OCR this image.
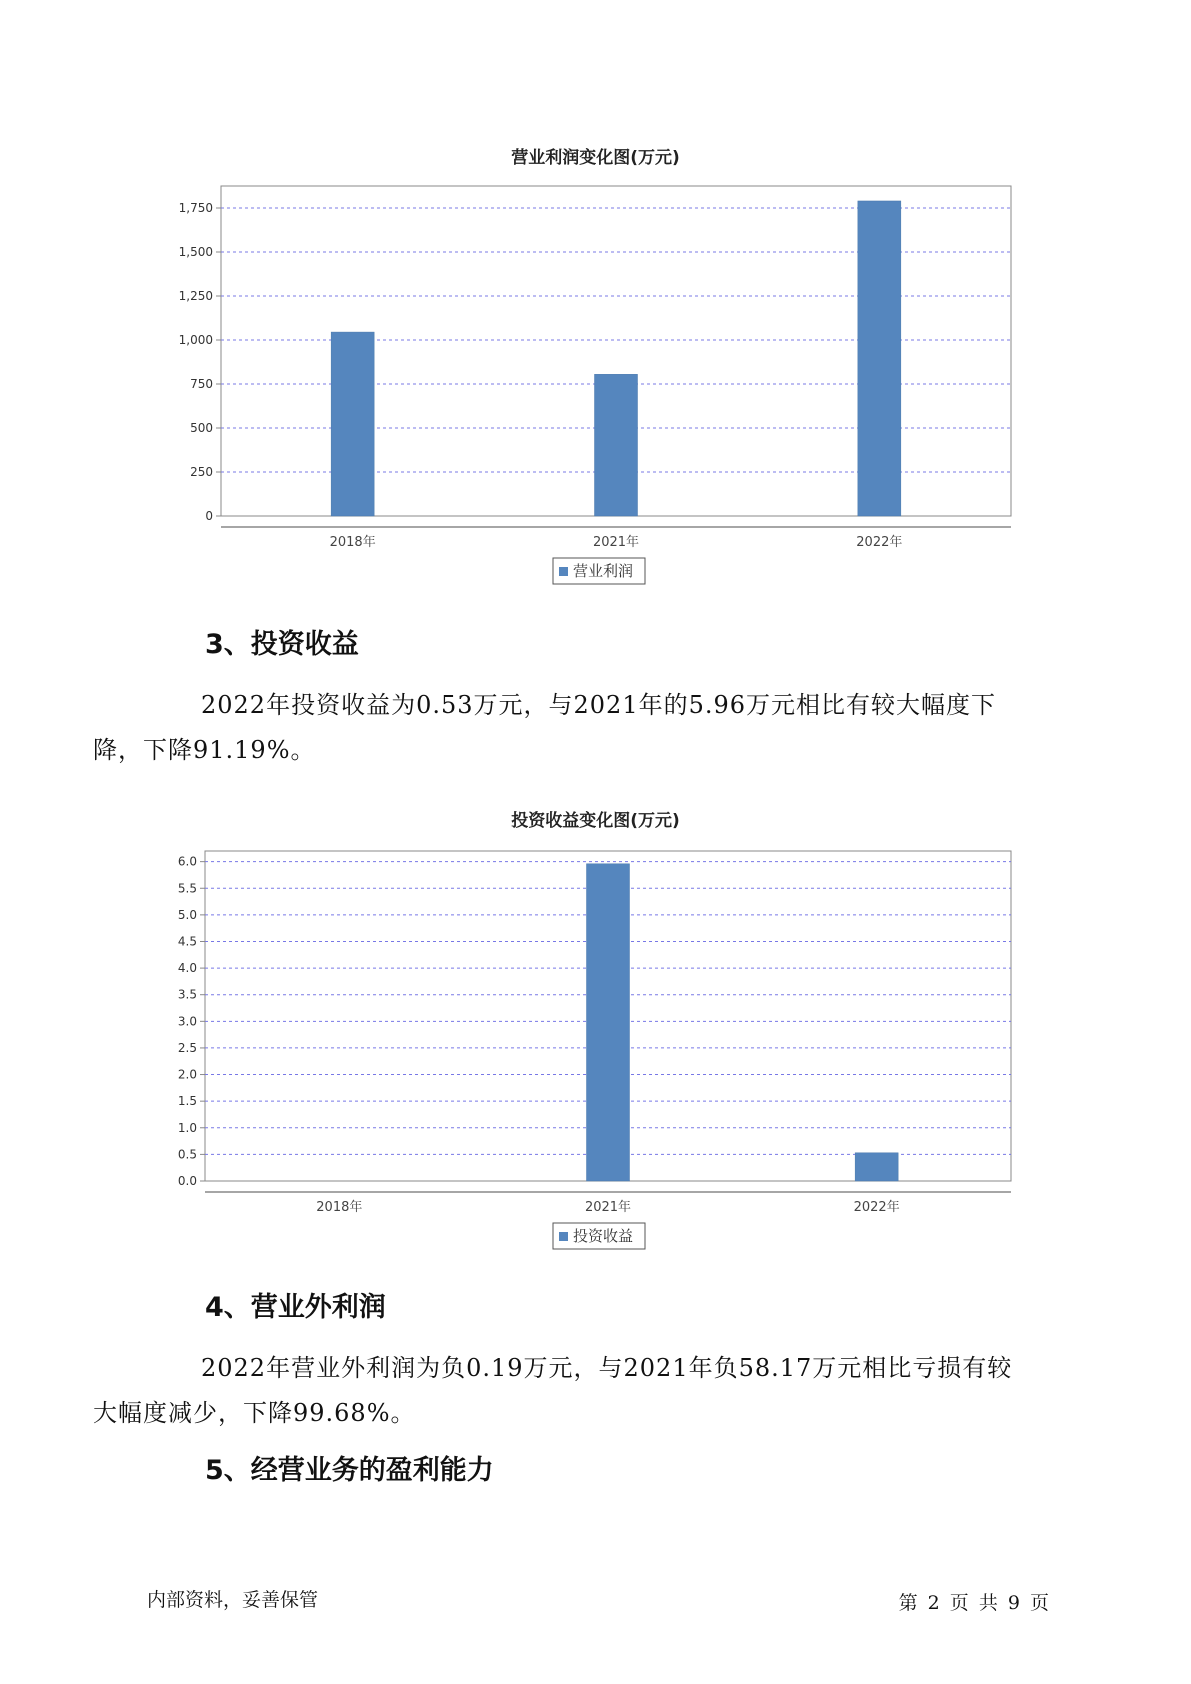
营业利润变化图(万元)
0
250
500
750
1,000
1,250
1,500
1,750
2018年	2021年	2022年
营业利润
3、投资收益
2022年投资收益为0.53万元，与2021年的5.96万元相比有较大幅度下
降，下降91.19%。
投资收益变化图(万元)
0.0
0.5
1.0
1.5
2.0
2.5
3.0
3.5
4.0
4.5
5.0
5.5
6.0
2018年	2021年	2022年
投资收益
4、营业外利润
2022年营业外利润为负0.19万元，与2021年负58.17万元相比亏损有较
大幅度减少，下降99.68%。
5、经营业务的盈利能力
内部资料，妥善保管	第 2 页 共 9 页
